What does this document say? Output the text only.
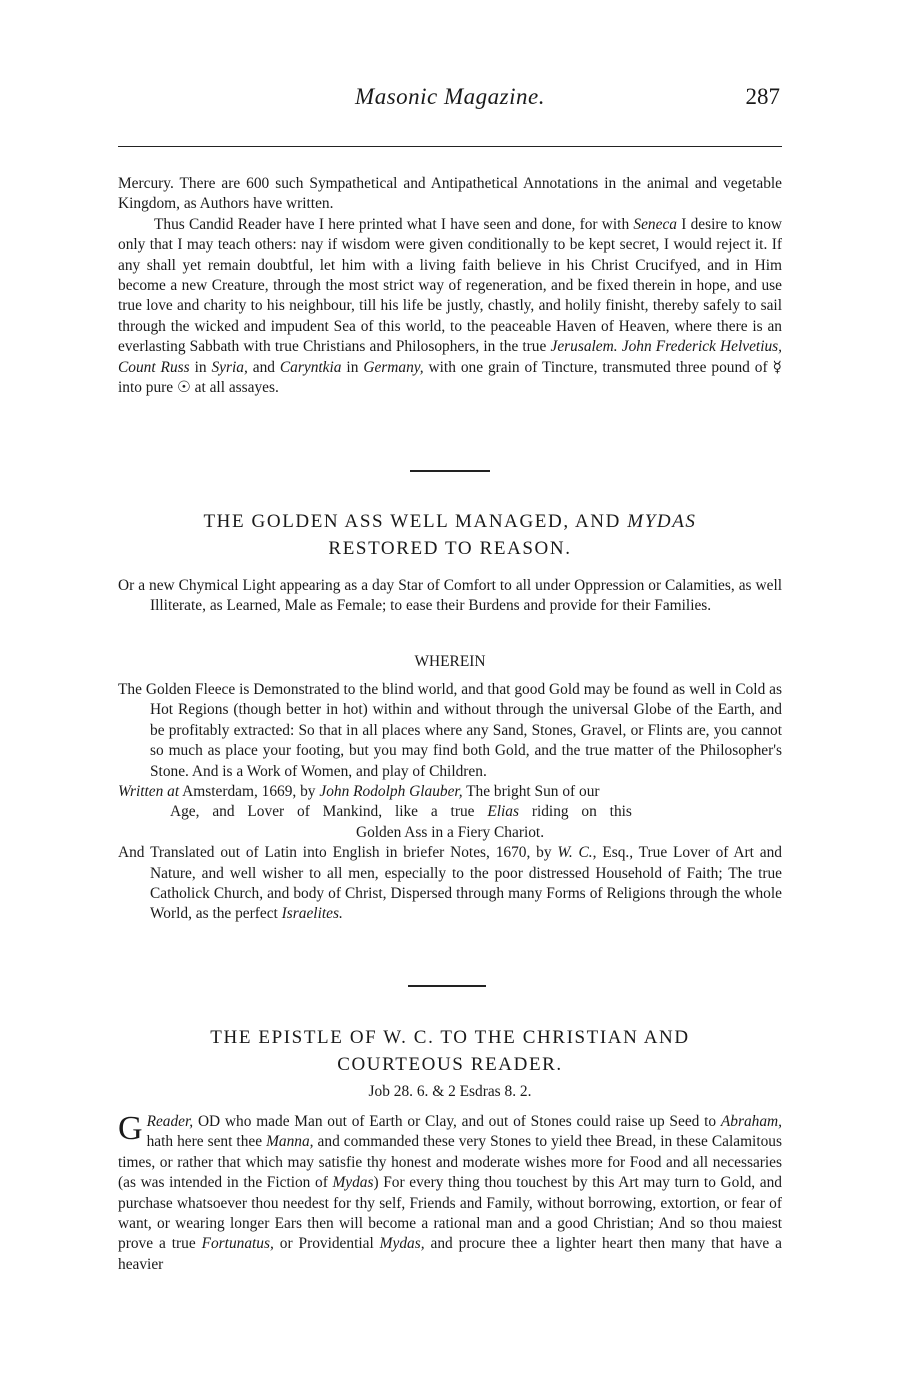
Masonic Magazine.	287

Mercury. There are 600 such Sympathetical and Antipathetical Annotations in the animal and vegetable Kingdom, as Authors have written.

Thus Candid Reader have I here printed what I have seen and done, for with Seneca I desire to know only that I may teach others: nay if wisdom were given conditionally to be kept secret, I would reject it. If any shall yet remain doubtful, let him with a living faith believe in his Christ Crucifyed, and in Him become a new Creature, through the most strict way of regeneration, and be fixed therein in hope, and use true love and charity to his neighbour, till his life be justly, chastly, and holily finisht, thereby safely to sail through the wicked and impudent Sea of this world, to the peaceable Haven of Heaven, where there is an everlasting Sabbath with true Christians and Philosophers, in the true Jerusalem. John Frederick Helvetius, Count Russ in Syria, and Caryntkia in Germany, with one grain of Tincture, transmuted three pound of ☿ into pure ☉ at all assayes.

THE GOLDEN ASS WELL MANAGED, AND MYDAS
RESTORED TO REASON.

Or a new Chymical Light appearing as a day Star of Comfort to all under Oppression or Calamities, as well Illiterate, as Learned, Male as Female; to ease their Burdens and provide for their Families.

WHEREIN

The Golden Fleece is Demonstrated to the blind world, and that good Gold may be found as well in Cold as Hot Regions (though better in hot) within and without through the universal Globe of the Earth, and be profitably extracted: So that in all places where any Sand, Stones, Gravel, or Flints are, you cannot so much as place your footing, but you may find both Gold, and the true matter of the Philosopher's Stone. And is a Work of Women, and play of Children.

Written at Amsterdam, 1669, by John Rodolph Glauber, The bright Sun of our

Age, and Lover of Mankind, like a true Elias riding on this

Golden Ass in a Fiery Chariot.

And Translated out of Latin into English in briefer Notes, 1670, by W. C., Esq., True Lover of Art and Nature, and well wisher to all men, especially to the poor distressed Household of Faith; The true Catholick Church, and body of Christ, Dispersed through many Forms of Religions through the whole World, as the perfect Israelites.

THE EPISTLE OF W. C. TO THE CHRISTIAN AND
COURTEOUS READER.
Job 28. 6. & 2 Esdras 8. 2.

Reader,
G	OD who made Man out of Earth or Clay, and out of Stones could raise up Seed to Abraham, hath here sent thee Manna, and commanded these very Stones to yield thee Bread, in these Calamitous times, or rather that which may satisfie thy honest and moderate wishes more for Food and all necessaries (as was intended in the Fiction of Mydas) For every thing thou touchest by this Art may turn to Gold, and purchase whatsoever thou needest for thy self, Friends and Family, without borrowing, extortion, or fear of want, or wearing longer Ears then will become a rational man and a good Christian; And so thou maiest prove a true Fortunatus, or Providential Mydas, and procure thee a lighter heart then many that have a heavier
